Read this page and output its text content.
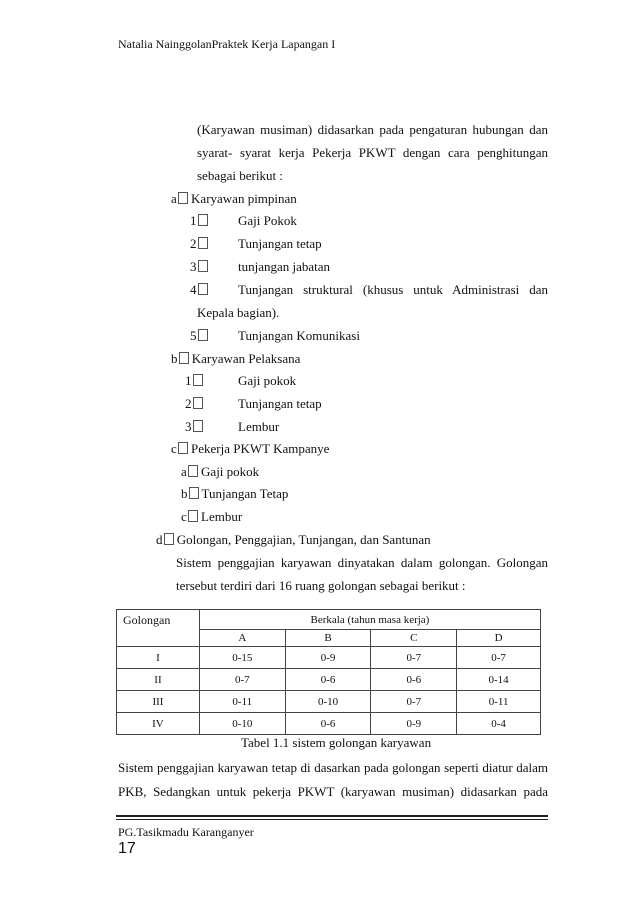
Natalia NainggolanPraktek Kerja Lapangan I
(Karyawan musiman) didasarkan pada pengaturan hubungan dan
syarat- syarat kerja Pekerja PKWT dengan cara penghitungan
sebagai berikut :
a Karyawan pimpinan
1	Gaji Pokok
2	Tunjangan tetap
3	tunjangan jabatan
4	Tunjangan struktural (khusus untuk Administrasi dan
Kepala bagian).
5	Tunjangan Komunikasi
b Karyawan Pelaksana
1	Gaji pokok
2	Tunjangan tetap
3	Lembur
c Pekerja PKWT Kampanye
a Gaji pokok
b Tunjangan Tetap
c Lembur
d Golongan, Penggajian, Tunjangan, dan Santunan
Sistem penggajian karyawan dinyatakan dalam golongan. Golongan
tersebut terdiri dari 16 ruang golongan sebagai berikut :
Golongan	Berkala (tahun masa kerja)			
	A	B	C	D
I	0-15	0-9	0-7	0-7
II	0-7	0-6	0-6	0-14
III	0-11	0-10	0-7	0-11
IV	0-10	0-6	0-9	0-4
Tabel 1.1 sistem golongan karyawan
Sistem penggajian karyawan tetap di dasarkan pada golongan seperti diatur dalam
PKB, Sedangkan untuk pekerja PKWT (karyawan musiman) didasarkan pada
PG.Tasikmadu Karanganyer
17
